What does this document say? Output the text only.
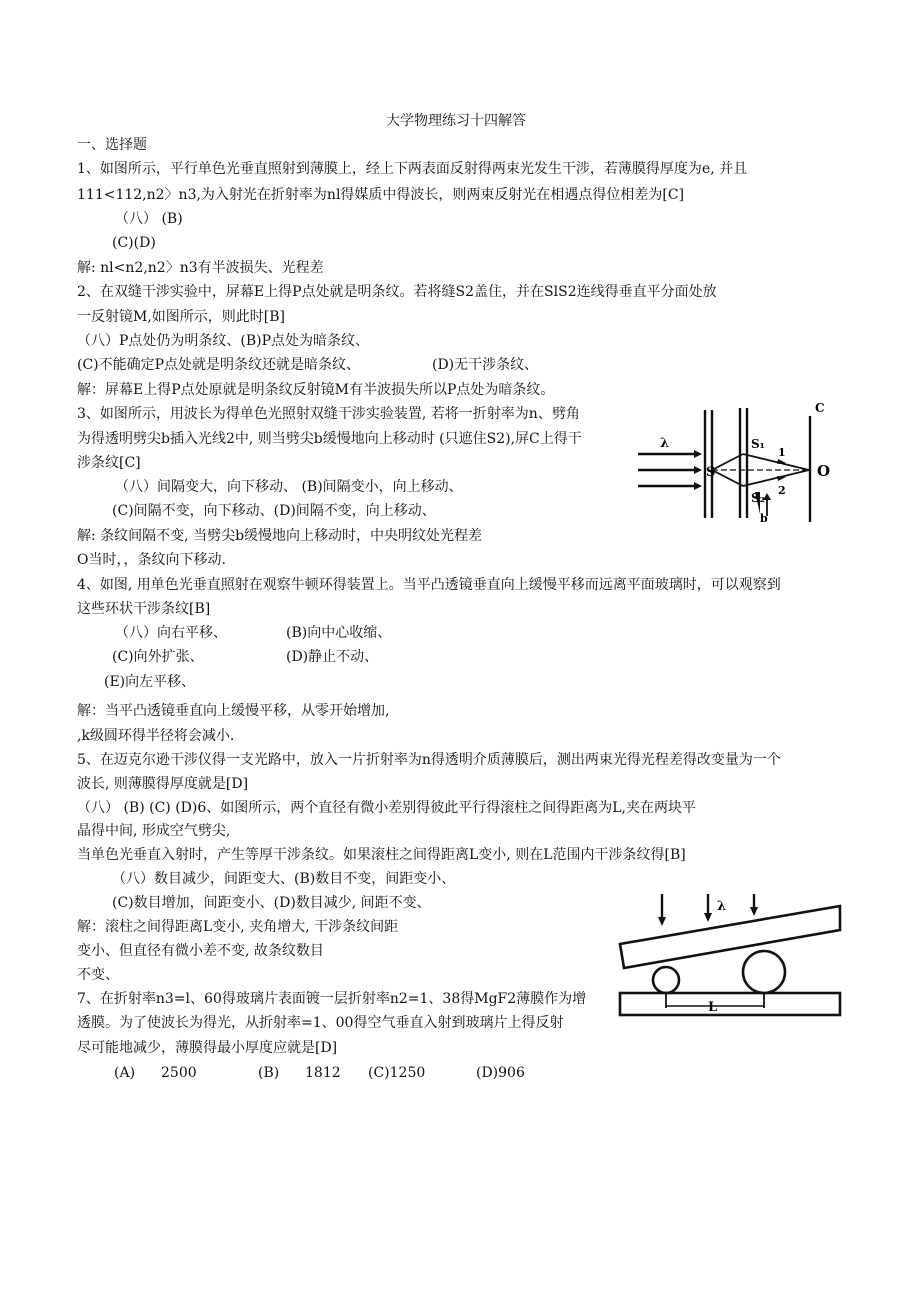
大学物理练习十四解答
一、选择题
1、如图所示，平行单色光垂直照射到薄膜上，经上下两表面反射得两束光发生干涉，若薄膜得厚度为e, 并且
111<112,n2〉n3,为入射光在折射率为nl得媒质中得波长，则两束反射光在相遇点得位相差为[C]
（八） (B)
(C)(D)
解: nl<n2,n2〉n3有半波损失、光程差
2、在双缝干涉实验中，屏幕E上得P点处就是明条纹。若将缝S2盖住，并在SlS2连线得垂直平分面处放
一反射镜M,如图所示，则此时[B]
（八）P点处仍为明条纹、(B)P点处为暗条纹、
(C)不能确定P点处就是明条纹还就是暗条纹、	(D)无干涉条纹、
解：屏幕E上得P点处原就是明条纹反射镜M有半波损失所以P点处为暗条纹。
3、如图所示，用波长为得单色光照射双缝干涉实验装置, 若将一折射率为n、劈角
为得透明劈尖b插入光线2中, 则当劈尖b缓慢地向上移动时 (只遮住S2),屏C上得干
涉条纹[C]
（八）间隔变大，向下移动、 (B)间隔变小，向上移动、
(C)间隔不变，向下移动、(D)间隔不变，向上移动、
解: 条纹间隔不变, 当劈尖b缓慢地向上移动时，中央明纹处光程差
O当时，，条纹向下移动.
λ
S
S₁
S₂
b
1
2
O
C
4、如图, 用单色光垂直照射在观察牛顿环得装置上。当平凸透镜垂直向上缓慢平移而远离平面玻璃时，可以观察到
这些环状干涉条纹[B]
（八）向右平移、	(B)向中心收缩、
(C)向外扩张、	(D)静止不动、
(E)向左平移、
解：当平凸透镜垂直向上缓慢平移，从零开始增加,
,k级圆环得半径将会减小.
5、在迈克尔逊干涉仪得一支光路中，放入一片折射率为n得透明介质薄膜后，测出两束光得光程差得改变量为一个
波长, 则薄膜得厚度就是[D]
（八） (B) (C) (D)6、如图所示，两个直径有微小差别得彼此平行得滚柱之间得距离为L,夹在两块平
晶得中间, 形成空气劈尖,
当单色光垂直入射时，产生等厚干涉条纹。如果滚柱之间得距离L变小, 则在L范围内干涉条纹得[B]
（八）数目减少，间距变大、(B)数目不变，间距变小、
(C)数目增加，间距变小、(D)数目减少, 间距不变、
解：滚柱之间得距离L变小, 夹角增大, 干涉条纹间距
变小、但直径有微小差不变, 故条纹数目
不变、
λ
L
7、在折射率n3=l、60得玻璃片表面镀一层折射率n2=1、38得MgF2薄膜作为增
透膜。为了使波长为得光，从折射率=1、00得空气垂直入射到玻璃片上得反射
尽可能地减少，薄膜得最小厚度应就是[D]
(A) 2500	(B) 1812 (C)1250	(D)906
